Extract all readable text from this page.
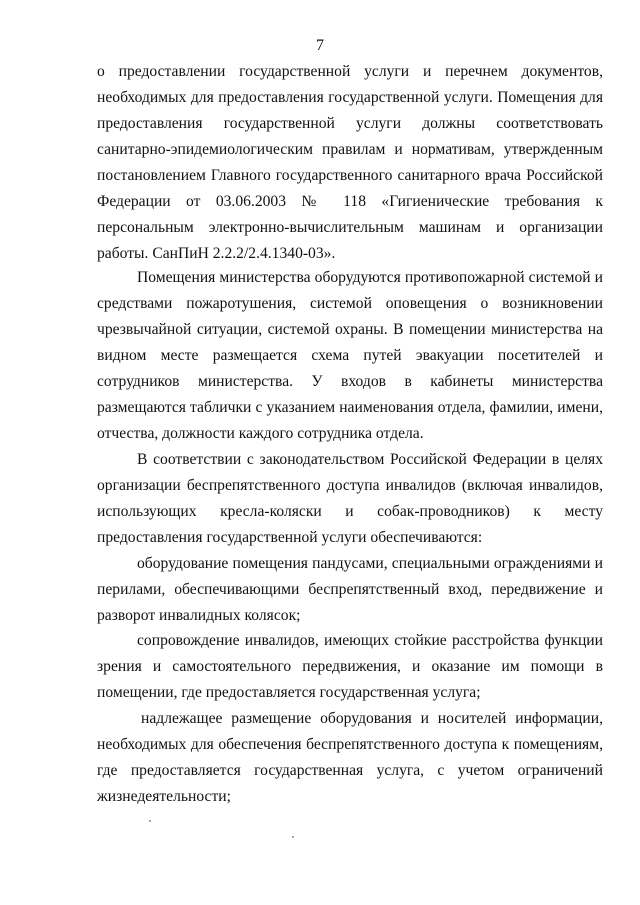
7

о предоставлении государственной услуги и перечнем документов, необходимых для предоставления государственной услуги. Помещения для предоставления государственной услуги должны соответствовать санитарно-эпидемиологическим правилам и нормативам, утвержденным постановлением Главного государственного санитарного врача Российской Федерации от 03.06.2003 № 118 «Гигиенические требования к персональным электронно-вычислительным машинам и организации работы. СанПиН 2.2.2/2.4.1340-03».

Помещения министерства оборудуются противопожарной системой и средствами пожаротушения, системой оповещения о возникновении чрезвычайной ситуации, системой охраны. В помещении министерства на видном месте размещается схема путей эвакуации посетителей и сотрудников министерства. У входов в кабинеты министерства размещаются таблички с указанием наименования отдела, фамилии, имени, отчества, должности каждого сотрудника отдела.

В соответствии с законодательством Российской Федерации в целях организации беспрепятственного доступа инвалидов (включая инвалидов, использующих кресла-коляски и собак-проводников) к месту предоставления государственной услуги обеспечиваются:

оборудование помещения пандусами, специальными ограждениями и перилами, обеспечивающими беспрепятственный вход, передвижение и разворот инвалидных колясок;

сопровождение инвалидов, имеющих стойкие расстройства функции зрения и самостоятельного передвижения, и оказание им помощи в помещении, где предоставляется государственная услуга;

надлежащее размещение оборудования и носителей информации, необходимых для обеспечения беспрепятственного доступа к помещениям, где предоставляется государственная услуга, с учетом ограничений жизнедеятельности;
